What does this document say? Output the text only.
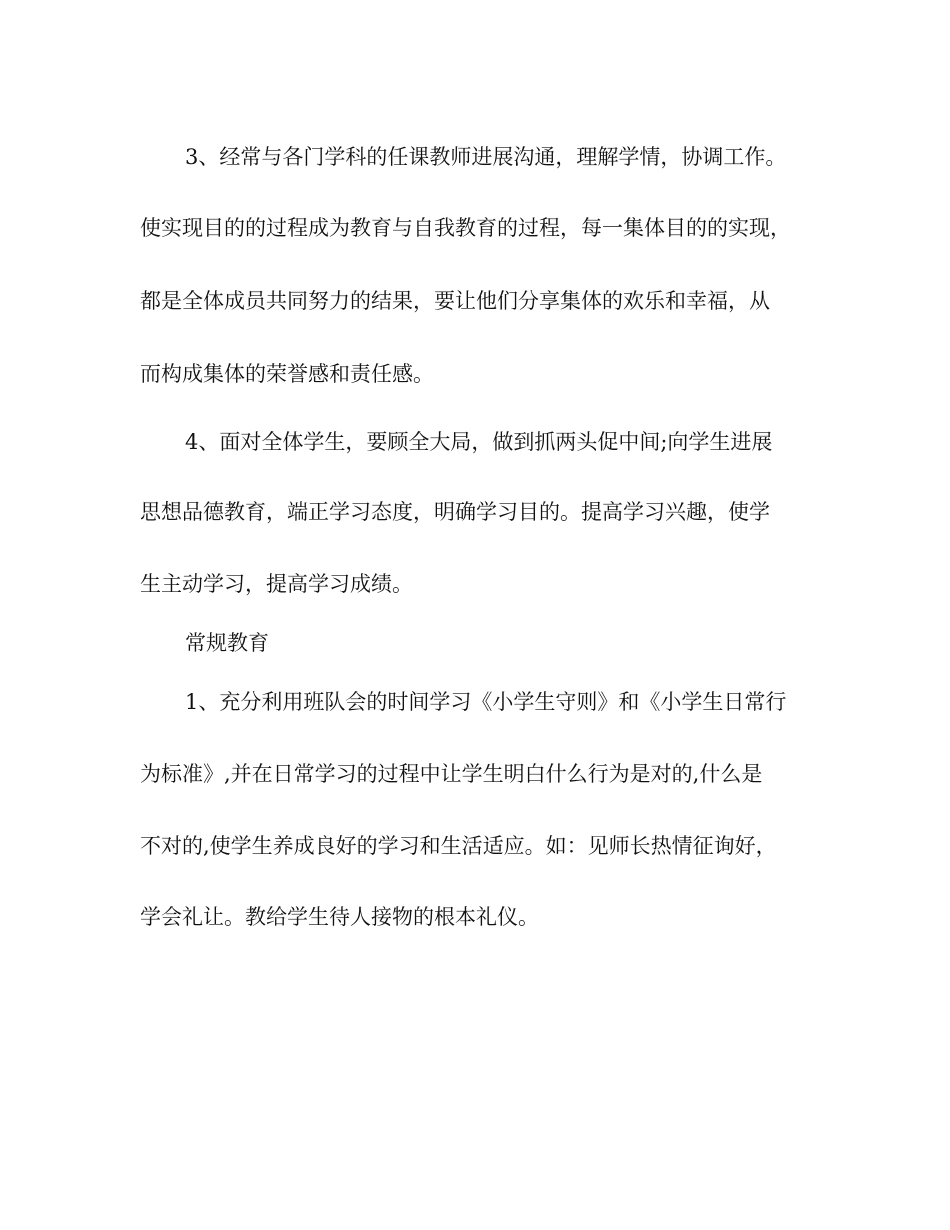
3、经常与各门学科的任课教师进展沟通，理解学情，协调工作。
使实现目的的过程成为教育与自我教育的过程，每一集体目的的实现，
都是全体成员共同努力的结果，要让他们分享集体的欢乐和幸福，从
而构成集体的荣誉感和责任感。
4、面对全体学生，要顾全大局，做到抓两头促中间;向学生进展
思想品德教育，端正学习态度，明确学习目的。提高学习兴趣，使学
生主动学习，提高学习成绩。
常规教育
1、充分利用班队会的时间学习《小学生守则》和《小学生日常行
为标准》,并在日常学习的过程中让学生明白什么行为是对的,什么是
不对的,使学生养成良好的学习和生活适应。如：见师长热情征询好，
学会礼让。教给学生待人接物的根本礼仪。
